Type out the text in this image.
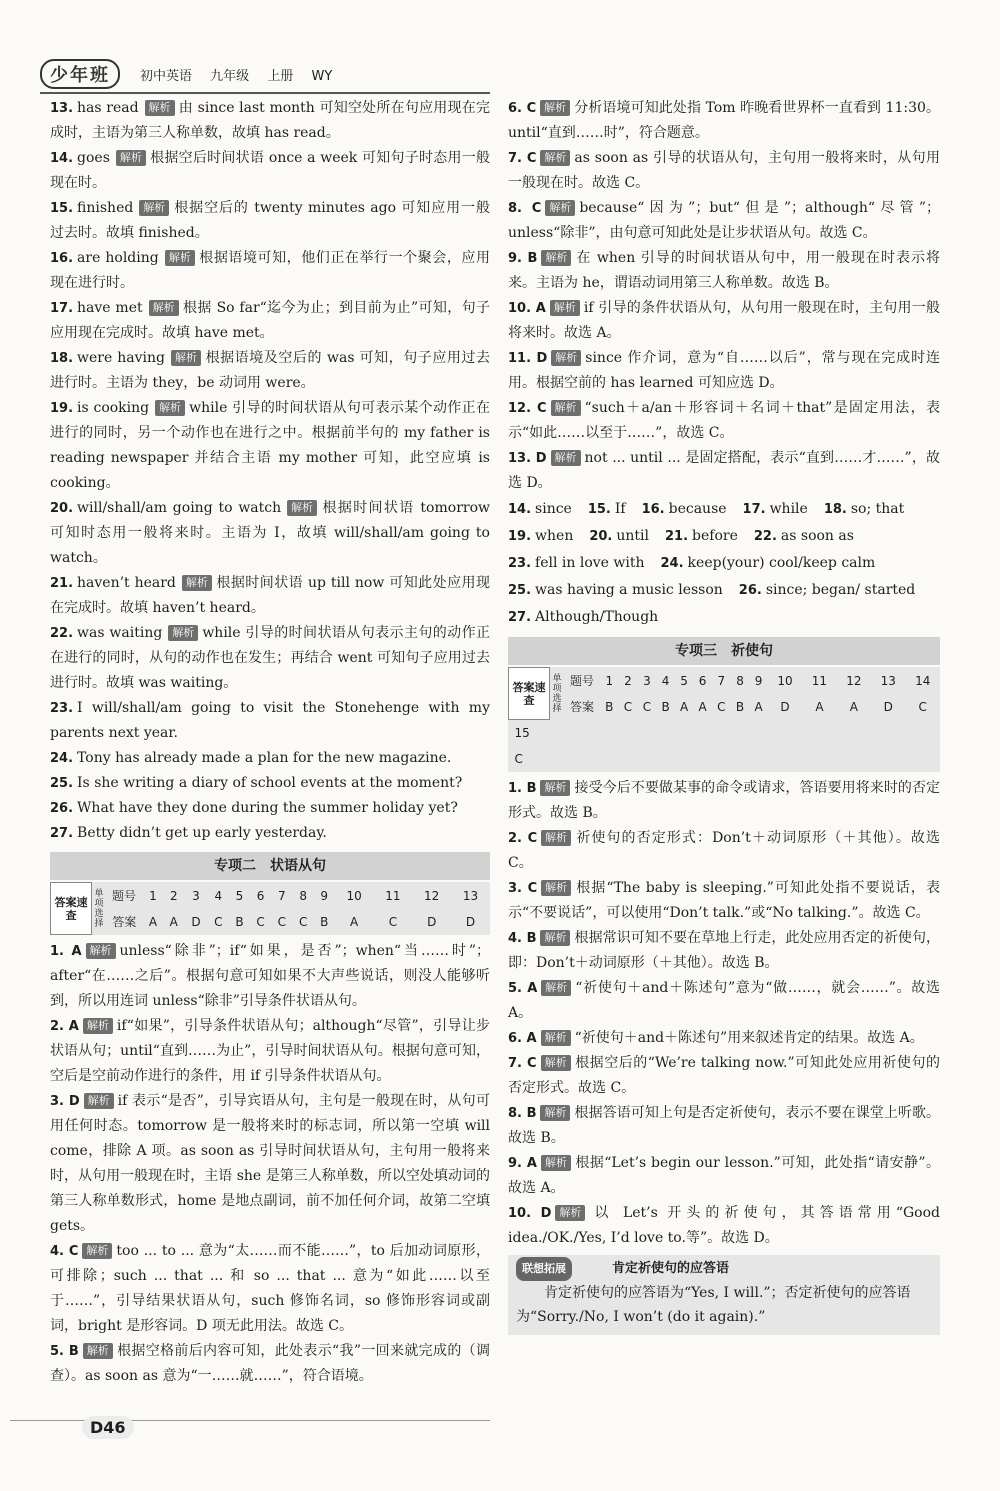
少年班	初中英语 九年级 上册 WY

13. has read 解析 由 since last month 可知空处所在句应用现在完成时，主语为第三人称单数，故填 has read。

14. goes 解析 根据空后时间状语 once a week 可知句子时态用一般现在时。

15. finished 解析 根据空后的 twenty minutes ago 可知应用一般过去时。故填 finished。

16. are holding 解析 根据语境可知，他们正在举行一个聚会，应用现在进行时。

17. have met 解析 根据 So far“迄今为止；到目前为止”可知，句子应用现在完成时。故填 have met。

18. were having 解析 根据语境及空后的 was 可知，句子应用过去进行时。主语为 they，be 动词用 were。

19. is cooking 解析 while 引导的时间状语从句可表示某个动作正在进行的同时，另一个动作也在进行之中。根据前半句的 my father is reading newspaper 并结合主语 my mother 可知，此空应填 is cooking。

20. will/shall/am going to watch 解析 根据时间状语 tomorrow 可知时态用一般将来时。主语为 I，故填 will/shall/am going to watch。

21. haven’t heard 解析 根据时间状语 up till now 可知此处应用现在完成时。故填 haven’t heard。

22. was waiting 解析 while 引导的时间状语从句表示主句的动作正在进行的同时，从句的动作也在发生；再结合 went 可知句子应用过去进行时。故填 was waiting。

23. I will/shall/am going to visit the Stonehenge with my parents next year.

24. Tony has already made a plan for the new magazine.

25. Is she writing a diary of school events at the moment?

26. What have they done during the summer holiday yet?

27. Betty didn’t get up early yesterday.

专项二　状语从句
答案速查	单项选择	题号	1	2	3	4	5	6	7	8	9	10	11	12	13
		答案	A	A	D	C	B	C	C	C	B	A	C	D	D

1. A 解析 unless“除非”；if“如果，是否”；when“当……时”；after“在……之后”。根据句意可知如果不大声些说话，则没人能够听到，所以用连词 unless“除非”引导条件状语从句。

2. A 解析 if“如果”，引导条件状语从句；although“尽管”，引导让步状语从句；until“直到……为止”，引导时间状语从句。根据句意可知，空后是空前动作进行的条件，用 if 引导条件状语从句。

3. D 解析 if 表示“是否”，引导宾语从句，主句是一般现在时，从句可用任何时态。tomorrow 是一般将来时的标志词，所以第一空填 will come，排除 A 项。as soon as 引导时间状语从句，主句用一般将来时，从句用一般现在时，主语 she 是第三人称单数，所以空处填动词的第三人称单数形式，home 是地点副词，前不加任何介词，故第二空填 gets。

4. C 解析 too ... to ... 意为“太……而不能……”，to 后加动词原形，可排除；such ... that ... 和 so ... that ... 意为“如此……以至于……”，引导结果状语从句，such 修饰名词，so 修饰形容词或副词，bright 是形容词。D 项无此用法。故选 C。

5. B 解析 根据空格前后内容可知，此处表示“我”一回来就完成的（调查）。as soon as 意为“一……就……”，符合语境。

6. C 解析 分析语境可知此处指 Tom 昨晚看世界杯一直看到 11:30。until“直到……时”，符合题意。

7. C 解析 as soon as 引导的状语从句，主句用一般将来时，从句用一般现在时。故选 C。

8. C 解析 because“因为”；but“但是”；although“尽管”；unless“除非”，由句意可知此处是让步状语从句。故选 C。

9. B 解析 在 when 引导的时间状语从句中，用一般现在时表示将来。主语为 he，谓语动词用第三人称单数。故选 B。

10. A 解析 if 引导的条件状语从句，从句用一般现在时，主句用一般将来时。故选 A。

11. D 解析 since 作介词，意为“自……以后”，常与现在完成时连用。根据空前的 has learned 可知应选 D。

12. C 解析 “such＋a/an＋形容词＋名词＋that”是固定用法，表示“如此……以至于……”，故选 C。

13. D 解析 not ... until ... 是固定搭配，表示“直到……才……”，故选 D。

14. since 15. If 16. because 17. while 18. so; that

19. when 20. until 21. before 22. as soon as

23. fell in love with 24. keep(your) cool/keep calm

25. was having a music lesson 26. since; began/ started

27. Although/Though

专项三　祈使句
答案速查	单项选择	题号	1	2	3	4	5	6	7	8	9	10	11	12	13	14
		答案	B	C	C	B	A	A	C	B	A	D	A	A	D	C
15																
C																

1. B 解析 接受今后不要做某事的命令或请求，答语要用将来时的否定形式。故选 B。

2. C 解析 祈使句的否定形式：Don’t＋动词原形（＋其他）。故选 C。

3. C 解析 根据“The baby is sleeping.”可知此处指不要说话，表示“不要说话”，可以使用“Don’t talk.”或“No talking.”。故选 C。

4. B 解析 根据常识可知不要在草地上行走，此处应用否定的祈使句，即：Don’t＋动词原形（＋其他）。故选 B。

5. A 解析 “祈使句＋and＋陈述句”意为“做……，就会……”。故选 A。

6. A 解析 “祈使句＋and＋陈述句”用来叙述肯定的结果。故选 A。

7. C 解析 根据空后的“We’re talking now.”可知此处应用祈使句的否定形式。故选 C。

8. B 解析 根据答语可知上句是否定祈使句，表示不要在课堂上听歌。故选 B。

9. A 解析 根据“Let’s begin our lesson.”可知，此处指“请安静”。故选 A。

10. D 解析 以 Let’s 开头的祈使句，其答语常用“Good idea./OK./Yes, I’d love to.等”。故选 D。

联想拓展	肯定祈使句的应答语
肯定祈使句的应答语为“Yes, I will.”；否定祈使句的应答语为“Sorry./No, I won’t (do it again).”
D46
